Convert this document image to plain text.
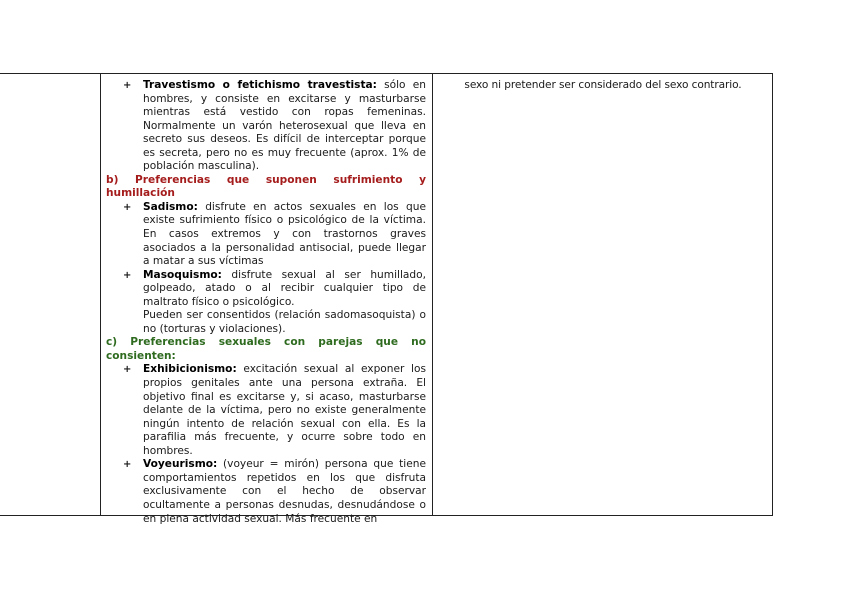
+ Travestismo o fetichismo travestista: sólo en hombres, y consiste en excitarse y masturbarse mientras está vestido con ropas femeninas. Normalmente un varón heterosexual que lleva en secreto sus deseos. Es difícil de interceptar porque es secreta, pero no es muy frecuente (aprox. 1% de población masculina).

b) Preferencias que suponen sufrimiento y humillación

+ Sadismo: disfrute en actos sexuales en los que existe sufrimiento físico o psicológico de la víctima. En casos extremos y con trastornos graves asociados a la personalidad antisocial, puede llegar a matar a sus víctimas
+ Masoquismo: disfrute sexual al ser humillado, golpeado, atado o al recibir cualquier tipo de maltrato físico o psicológico.

Pueden ser consentidos (relación sadomasoquista) o no (torturas y violaciones).

c) Preferencias sexuales con parejas que no consienten:

+ Exhibicionismo: excitación sexual al exponer los propios genitales ante una persona extraña. El objetivo final es excitarse y, si acaso, masturbarse delante de la víctima, pero no existe generalmente ningún intento de relación sexual con ella. Es la parafilia más frecuente, y ocurre sobre todo en hombres.
+ Voyeurismo: (voyeur = mirón) persona que tiene comportamientos repetidos en los que disfruta exclusivamente con el hecho de observar ocultamente a personas desnudas, desnudándose o en plena actividad sexual. Más frecuente en

sexo ni pretender ser considerado del sexo contrario.
